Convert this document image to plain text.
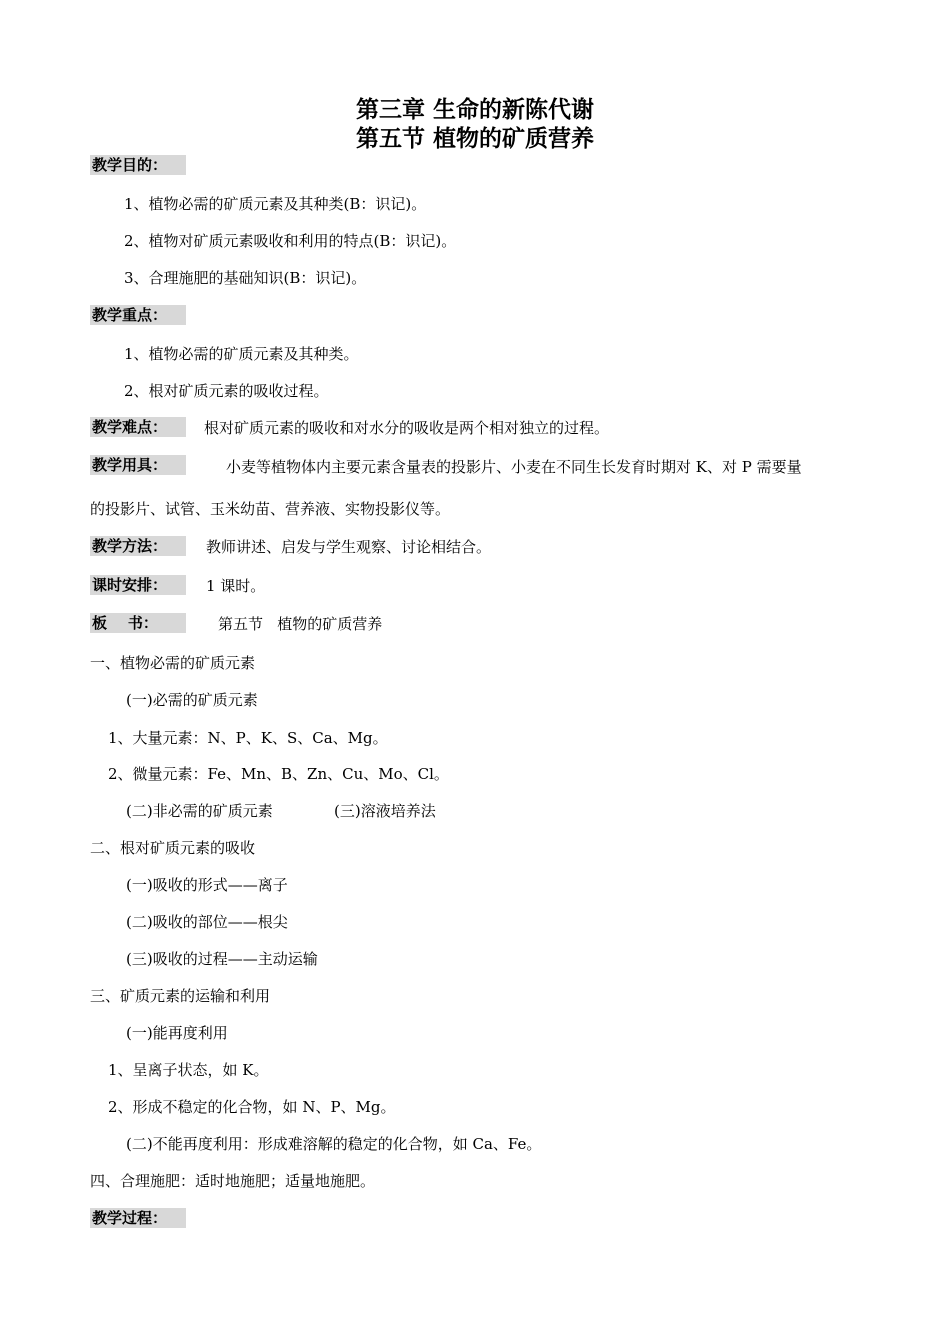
第三章 生命的新陈代谢
第五节 植物的矿质营养
教学目的：
1、植物必需的矿质元素及其种类(B：识记)。
2、植物对矿质元素吸收和利用的特点(B：识记)。
3、合理施肥的基础知识(B：识记)。
教学重点：
1、植物必需的矿质元素及其种类。
2、根对矿质元素的吸收过程。
教学难点：	根对矿质元素的吸收和对水分的吸收是两个相对独立的过程。
教学用具：	小麦等植物体内主要元素含量表的投影片、小麦在不同生长发育时期对 K、对 P 需要量
的投影片、试管、玉米幼苗、营养液、实物投影仪等。
教学方法：	教师讲述、启发与学生观察、讨论相结合。
课时安排：	1 课时。
板    书：	第五节   植物的矿质营养
一、植物必需的矿质元素
(一)必需的矿质元素
1、大量元素：N、P、K、S、Ca、Mg。
2、微量元素：Fe、Mn、B、Zn、Cu、Mo、Cl。
(二)非必需的矿质元素	(三)溶液培养法
二、根对矿质元素的吸收
(一)吸收的形式——离子
(二)吸收的部位——根尖
(三)吸收的过程——主动运输
三、矿质元素的运输和利用
(一)能再度利用
1、呈离子状态，如 K。
2、形成不稳定的化合物，如 N、P、Mg。
(二)不能再度利用：形成难溶解的稳定的化合物，如 Ca、Fe。
四、合理施肥：适时地施肥；适量地施肥。
教学过程：
